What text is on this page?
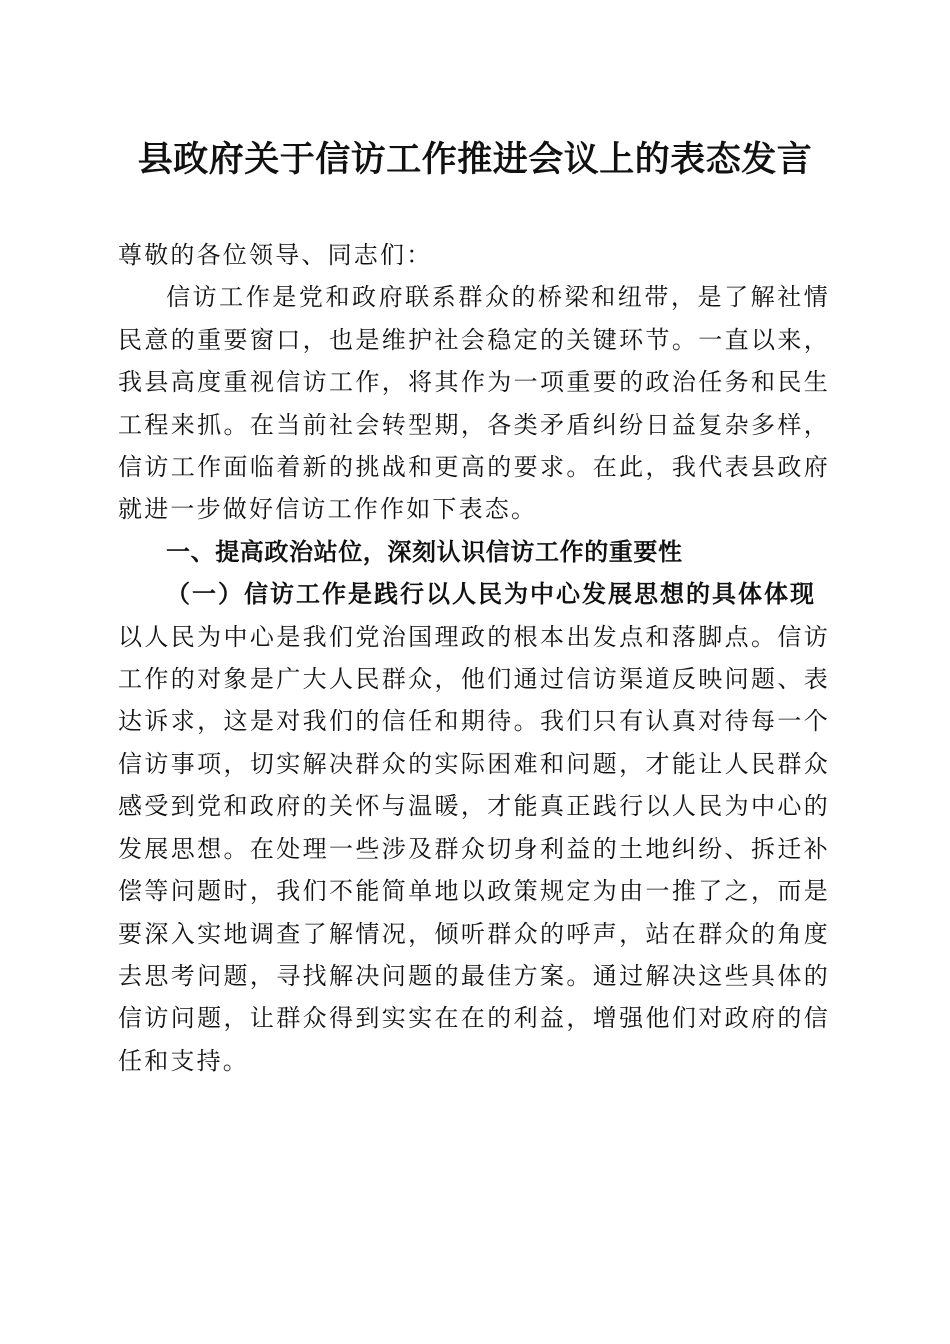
县政府关于信访工作推进会议上的表态发言

尊敬的各位领导、同志们：

信访工作是党和政府联系群众的桥梁和纽带，是了解社情民意的重要窗口，也是维护社会稳定的关键环节。一直以来，我县高度重视信访工作，将其作为一项重要的政治任务和民生工程来抓。在当前社会转型期，各类矛盾纠纷日益复杂多样，信访工作面临着新的挑战和更高的要求。在此，我代表县政府就进一步做好信访工作作如下表态。

一、提高政治站位，深刻认识信访工作的重要性

（一）信访工作是践行以人民为中心发展思想的具体体现

以人民为中心是我们党治国理政的根本出发点和落脚点。信访工作的对象是广大人民群众，他们通过信访渠道反映问题、表达诉求，这是对我们的信任和期待。我们只有认真对待每一个信访事项，切实解决群众的实际困难和问题，才能让人民群众感受到党和政府的关怀与温暖，才能真正践行以人民为中心的发展思想。在处理一些涉及群众切身利益的土地纠纷、拆迁补偿等问题时，我们不能简单地以政策规定为由一推了之，而是要深入实地调查了解情况，倾听群众的呼声，站在群众的角度去思考问题，寻找解决问题的最佳方案。通过解决这些具体的信访问题，让群众得到实实在在的利益，增强他们对政府的信任和支持。
